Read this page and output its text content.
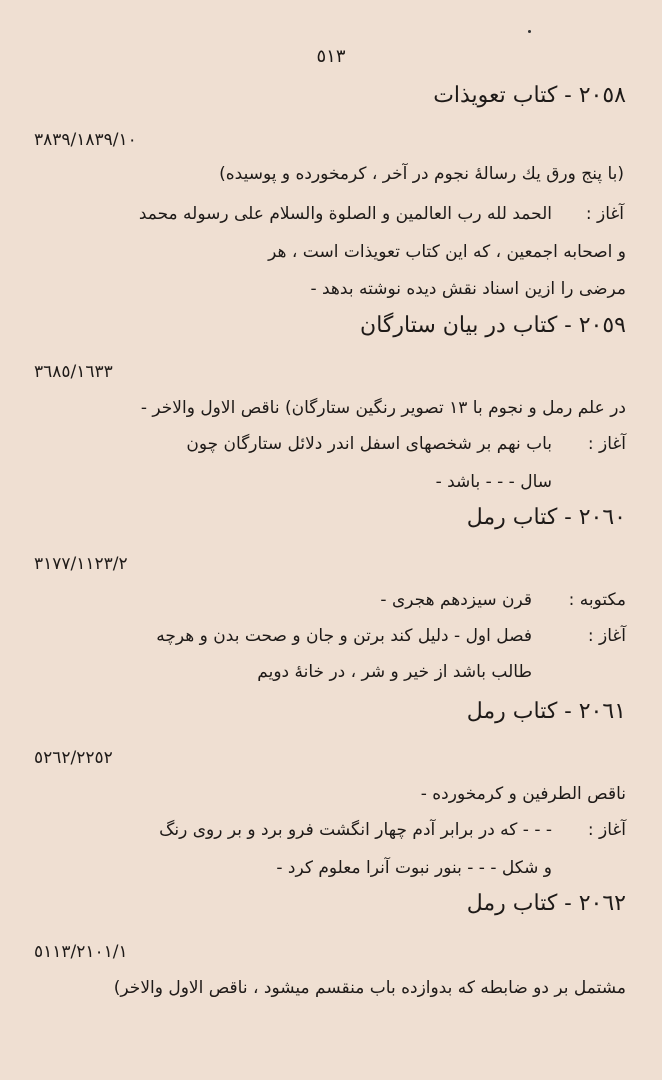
٥١٣
٢٠٥٨ - كتاب تعويذات
٣٨٣٩/١٨٣٩/١٠
(با پنج ورق يك رسالهٔ نجوم در آخر ، كرمخورده و پوسيده)
آغاز :
الحمد لله رب العالمين و الصلوة والسلام على رسوله محمد
و اصحابه اجمعين ، كه اين كتاب تعويذات است ، هر
مرضى را ازين اسناد نقش ديده نوشته بدهد -
٢٠٥٩ - كتاب در بيان ستارگان
٣٦٨٥/١٦٣٣
در علم رمل و نجوم با ١٣ تصوير رنگين ستارگان) ناقص الاول والاخر -
آغاز :
باب نهم بر شخصهاى اسفل اندر دلائل ستارگان چون
سال - - - باشد -
٢٠٦٠ - كتاب رمل
٣١٧٧/١١٢٣/٢
مكتوبه :
قرن سيزدهم هجرى -
آغاز :
فصل اول - دليل كند برتن و جان و صحت بدن و هرچه
طالب باشد از خير و شر ، در خانهٔ دويم
٢٠٦١ - كتاب رمل
٥٢٦٢/٢٢٥٢
ناقص الطرفين و كرمخورده -
آغاز :
- - - كه در برابر آدم چهار انگشت فرو برد و بر روى رنگ
و شكل - - - بنور نبوت آنرا معلوم كرد -
٢٠٦٢ - كتاب رمل
٥١١٣/٢١٠١/١
مشتمل بر دو ضابطه كه بدوازده باب منقسم ميشود ، ناقص الاول والاخر)
